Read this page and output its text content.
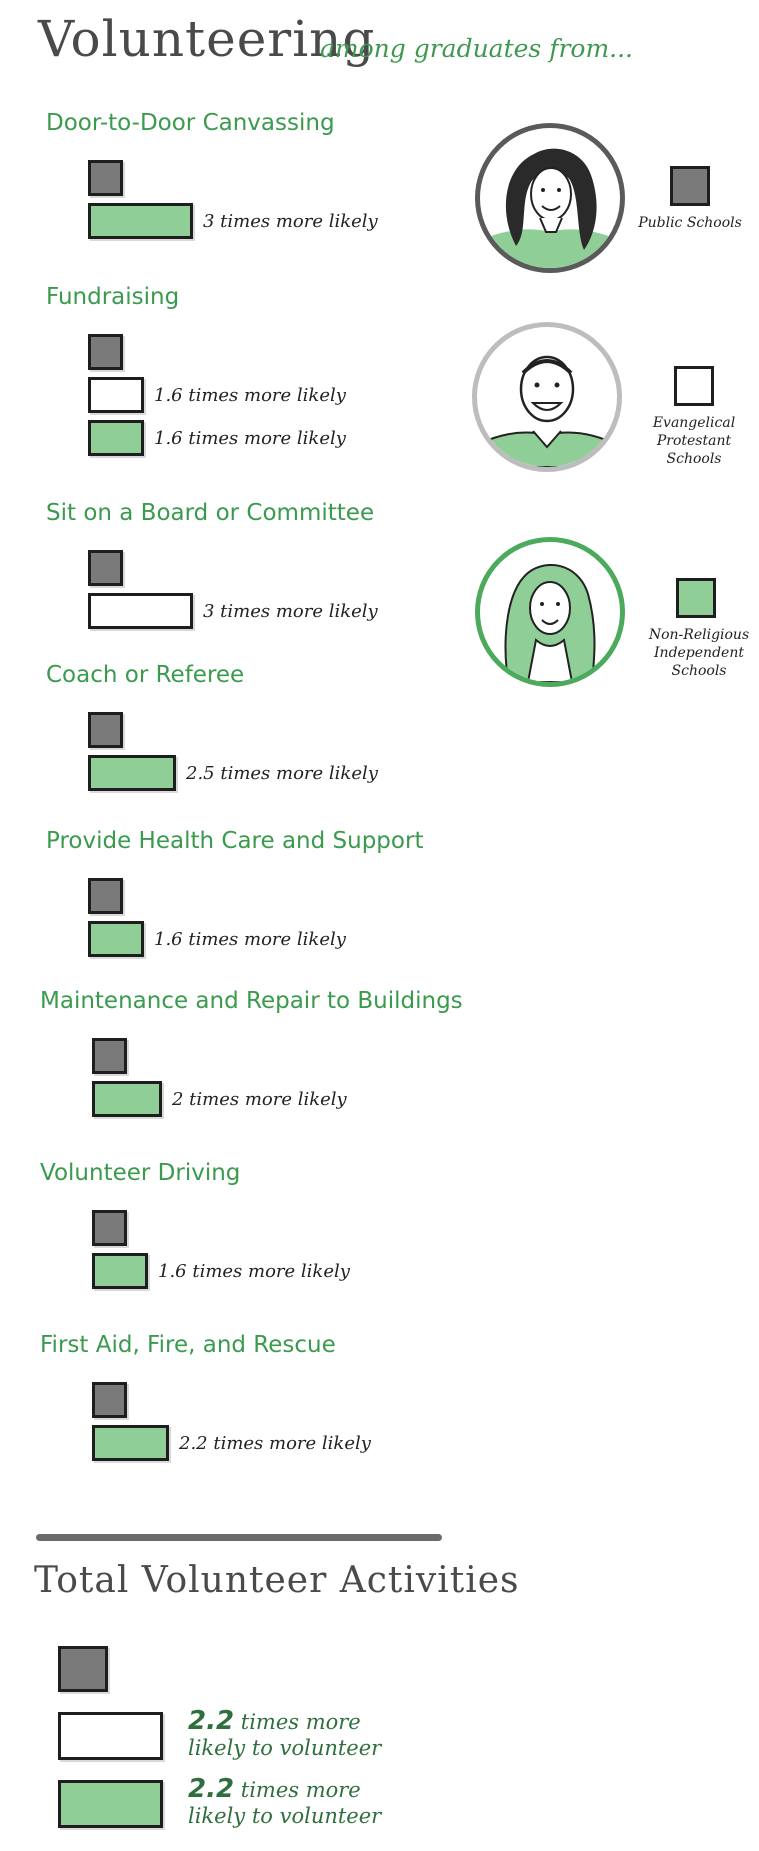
Volunteering
among graduates from...
Door-to-Door Canvassing
3 times more likely
Fundraising
1.6 times more likely
1.6 times more likely
Sit on a Board or Committee
3 times more likely
Coach or Referee
2.5 times more likely
Provide Health Care and Support
1.6 times more likely
Maintenance and Repair to Buildings
2 times more likely
Volunteer Driving
1.6 times more likely
First Aid, Fire, and Rescue
2.2 times more likely
Public Schools
Evangelical Protestant Schools
Non-Religious Independent Schools
Total Volunteer Activities
2.2 times more
likely to volunteer
2.2 times more
likely to volunteer
